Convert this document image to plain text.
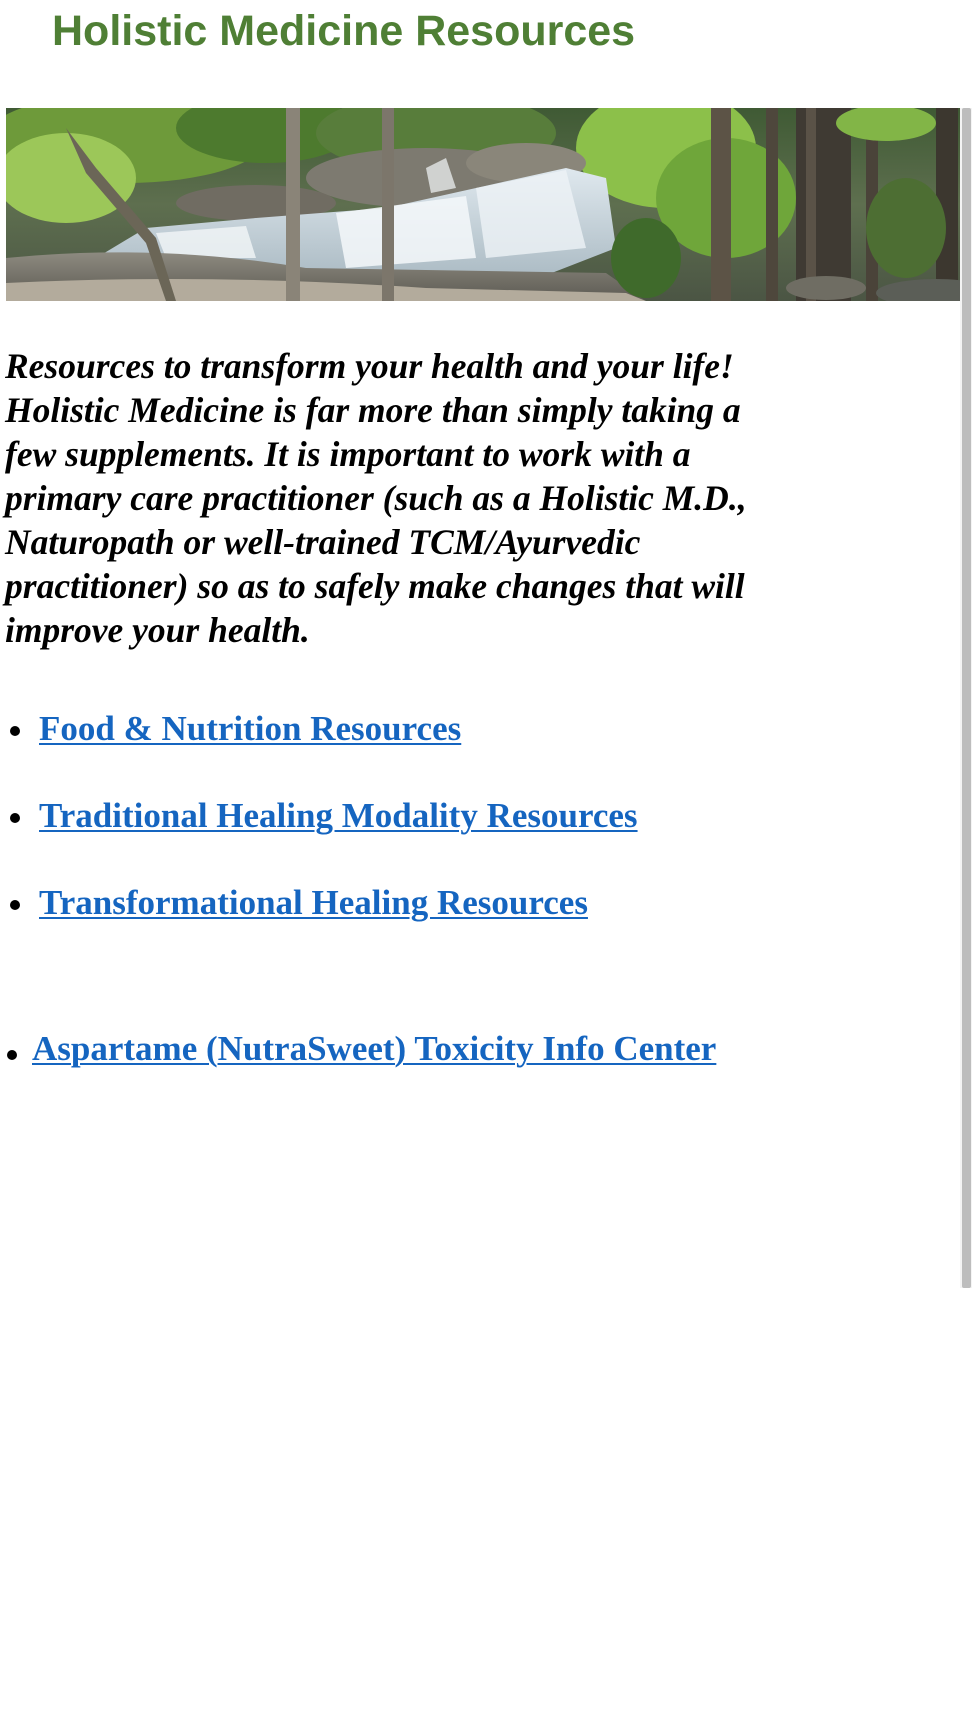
Holistic Medicine Resources

Resources to transform your health and your life! Holistic Medicine is far more than simply taking a few supplements. It is important to work with a primary care practitioner (such as a Holistic M.D., Naturopath or well-trained TCM/Ayurvedic practitioner) so as to safely make changes that will improve your health.

Food & Nutrition Resources
Traditional Healing Modality Resources
Transformational Healing Resources
Aspartame (NutraSweet) Toxicity Info Center
